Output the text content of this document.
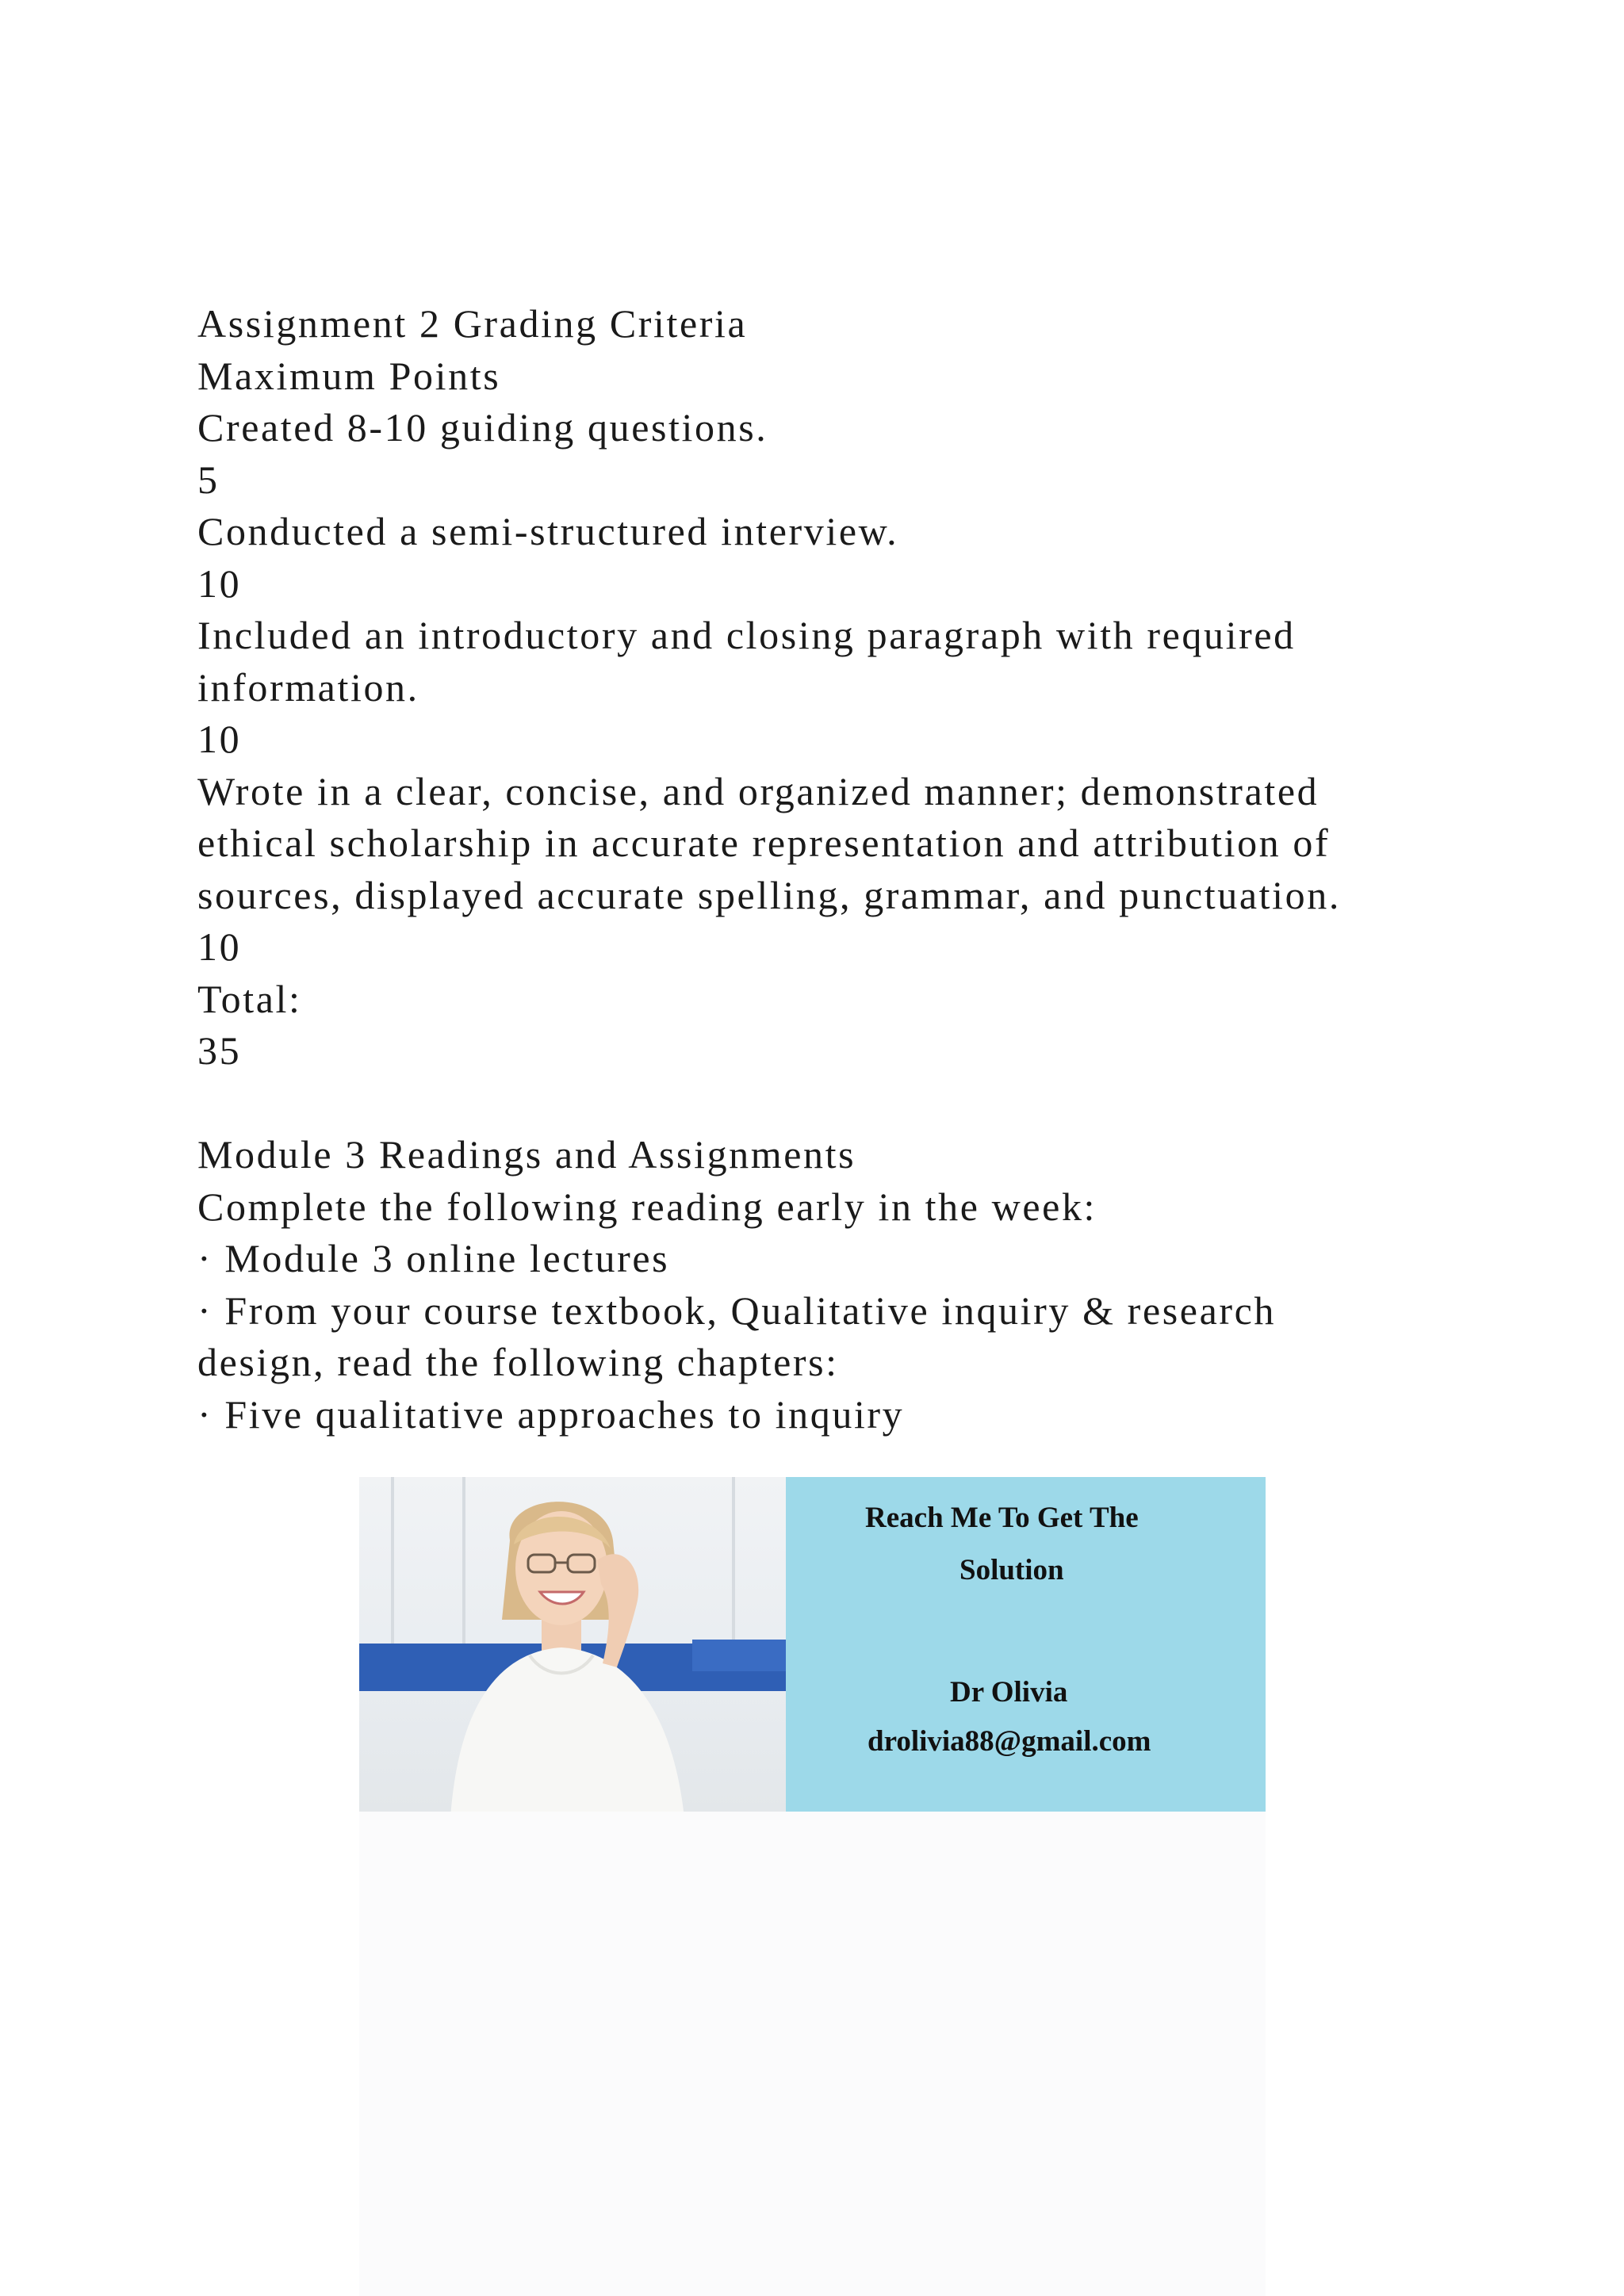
Assignment 2 Grading Criteria
Maximum Points
Created 8-10 guiding questions.
5
Conducted a semi-structured interview.
10
Included an introductory and closing paragraph with required
information.
10
Wrote in a clear, concise, and organized manner; demonstrated
ethical scholarship in accurate representation and attribution of
sources, displayed accurate spelling, grammar, and punctuation.
10
Total:
35
Module 3 Readings and Assignments
Complete the following reading early in the week:
· Module 3 online lectures
· From your course textbook, Qualitative inquiry & research
design, read the following chapters:
· Five qualitative approaches to inquiry
Reach Me To Get The
Solution
Dr Olivia
drolivia88@gmail.com
